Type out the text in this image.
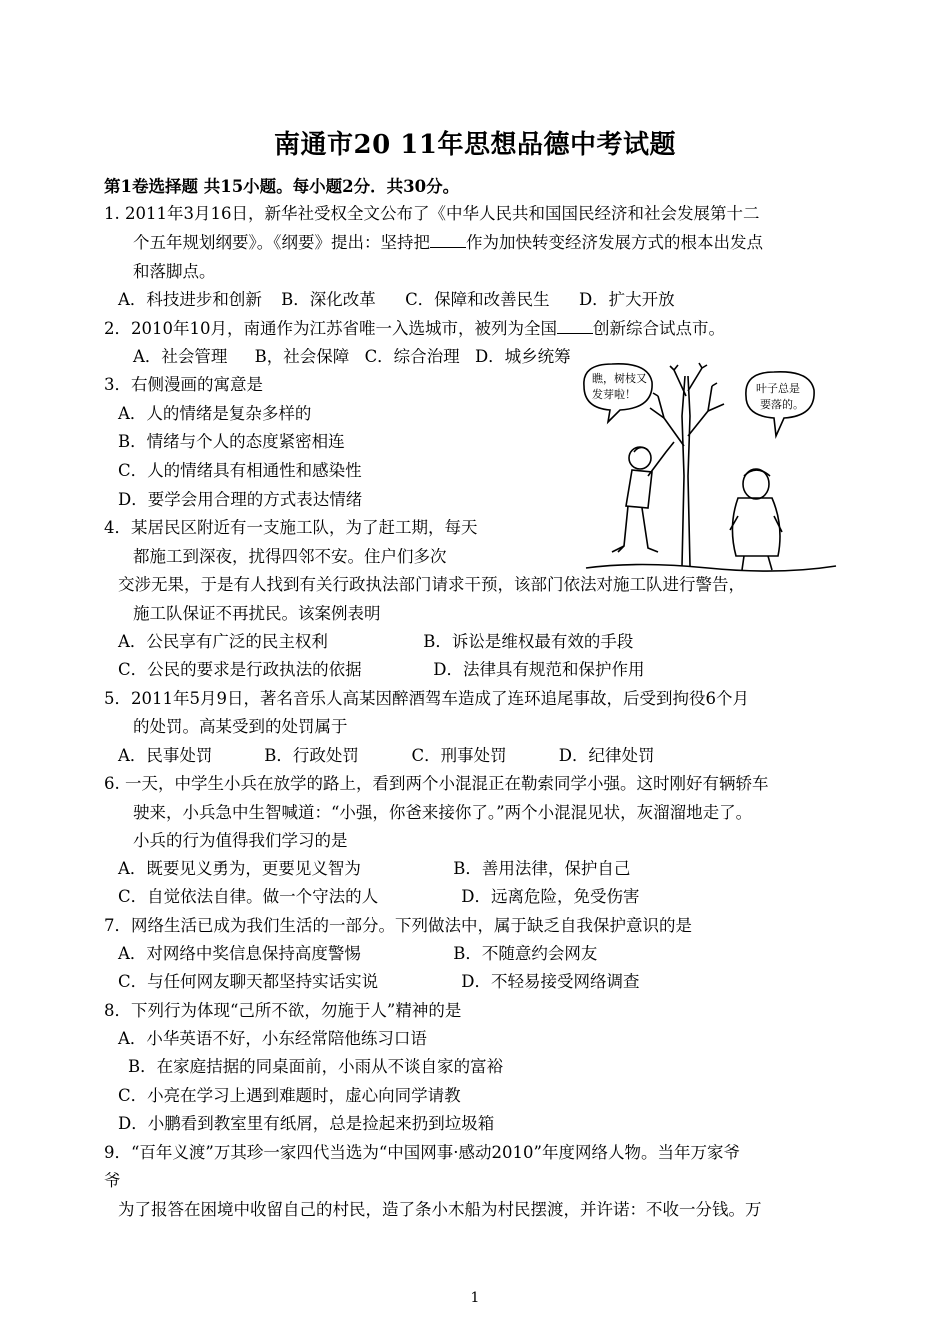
南通市20 11年思想品德中考试题
第1卷选择题 共15小题。每小题2分．共30分。
1. 2011年3月16日，新华社受权全文公布了《中华人民共和国国民经济和社会发展第十二
个五年规划纲要》。《纲要》提出：坚持把 作为加快转变经济发展方式的根本出发点
和落脚点。
A．科技进步和创新 B．深化改革 C．保障和改善民生 D．扩大开放
2．2010年10月，南通作为江苏省唯一入选城市，被列为全国 创新综合试点市。
A．社会管理 B，社会保障 C．综合治理 D．城乡统筹
3．右侧漫画的寓意是
A．人的情绪是复杂多样的
B．情绪与个人的态度紧密相连
C．人的情绪具有相通性和感染性
D．要学会用合理的方式表达情绪
瞧，树枝又
发芽啦！	叶子总是
要落的。
4．某居民区附近有一支施工队，为了赶工期，每天
都施工到深夜，扰得四邻不安。住户们多次
交涉无果，于是有人找到有关行政执法部门请求干预，该部门依法对施工队进行警告，
施工队保证不再扰民。该案例表明
A．公民享有广泛的民主权利	B．诉讼是维权最有效的手段
C．公民的要求是行政执法的依据	D．法律具有规范和保护作用
5．2011年5月9日，著名音乐人高某因醉酒驾车造成了连环追尾事故，后受到拘役6个月
的处罚。高某受到的处罚属于
A．民事处罚	B．行政处罚	C．刑事处罚	D．纪律处罚
6. 一天，中学生小兵在放学的路上，看到两个小混混正在勒索同学小强。这时刚好有辆轿车
驶来，小兵急中生智喊道：“小强，你爸来接你了。”两个小混混见状，灰溜溜地走了。
小兵的行为值得我们学习的是
A．既要见义勇为，更要见义智为	B．善用法律，保护自己
C．自觉依法自律。做一个守法的人	D．远离危险，免受伤害
7．网络生活已成为我们生活的一部分。下列做法中，属于缺乏自我保护意识的是
A．对网络中奖信息保持高度警惕	B．不随意约会网友
C．与任何网友聊天都坚持实话实说	D．不轻易接受网络调查
8．下列行为体现“己所不欲，勿施于人”精神的是
A．小华英语不好，小东经常陪他练习口语
B．在家庭拮据的同桌面前，小雨从不谈自家的富裕
C．小亮在学习上遇到难题时，虚心向同学请教
D．小鹏看到教室里有纸屑，总是捡起来扔到垃圾箱
9．“百年义渡”万其珍一家四代当选为“中国网事·感动2010”年度网络人物。当年万家爷
爷
为了报答在困境中收留自己的村民，造了条小木船为村民摆渡，并许诺：不收一分钱。万
1
